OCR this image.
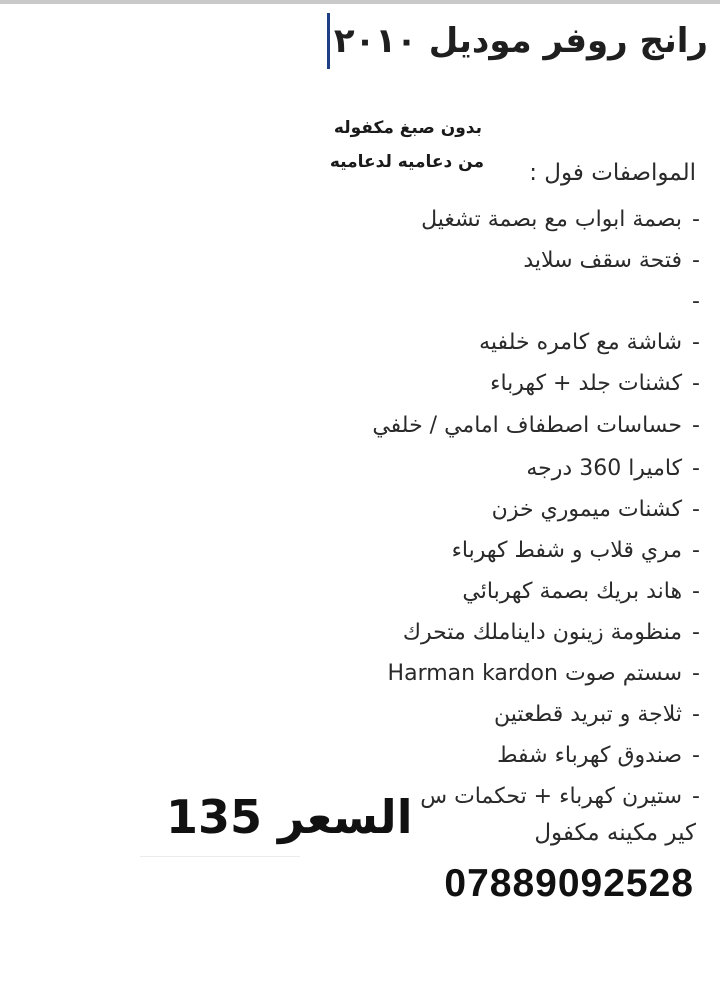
رانج روفر موديل ٢٠١٠
بدون صبغ مكفوله
من دعاميه لدعاميه المواصفات فول :
-بصمة ابواب مع بصمة تشغيل
-فتحة سقف سلايد
-
-شاشة مع كامره خلفيه
-كشنات جلد + كهرباء
-حساسات اصطفاف امامي / خلفي
-كاميرا 360 درجه
-كشنات ميموري خزن
-مري قلاب و شفط كهرباء
-هاند بريك بصمة كهربائي
-منظومة زينون دايناملك متحرك
-سستم صوت Harman kardon
-ثلاجة و تبريد قطعتين
-صندوق كهرباء شفط
-ستيرن كهرباء + تحكمات س
كير مكينه مكفول
السعر 135
07889092528
